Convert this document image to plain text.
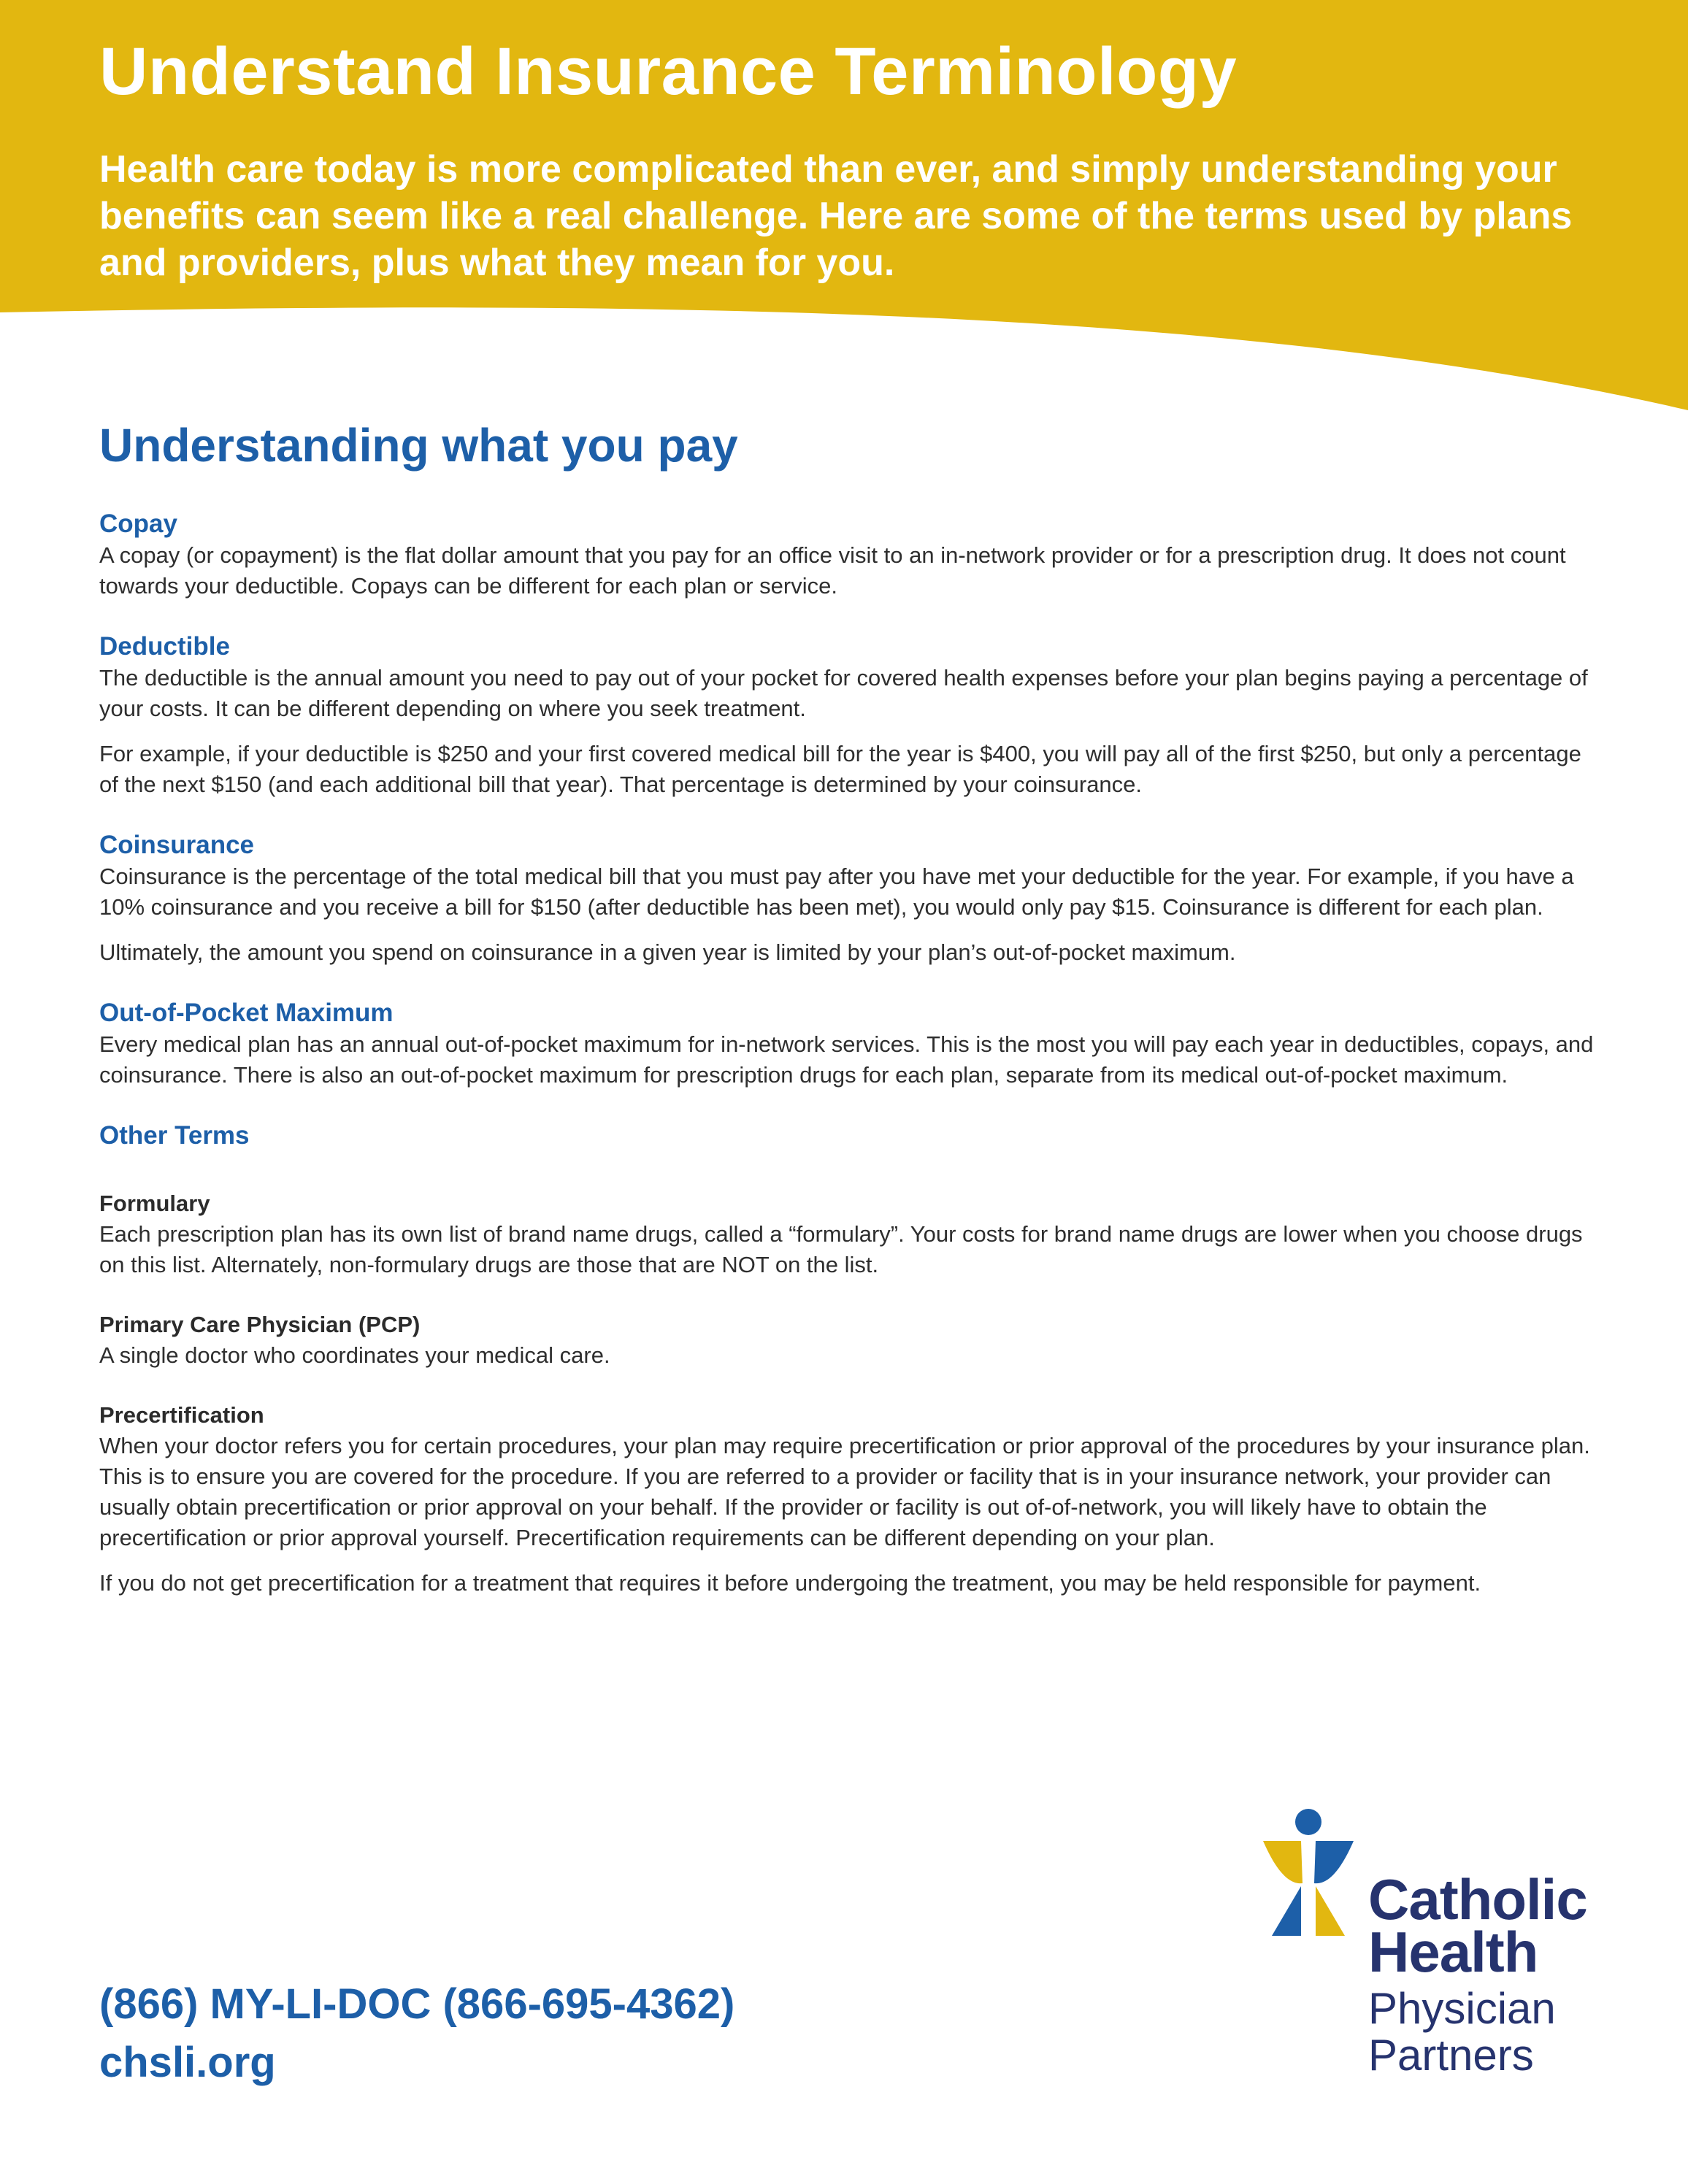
Understand Insurance Terminology

Health care today is more complicated than ever, and simply understanding your benefits can seem like a real challenge. Here are some of the terms used by plans and providers, plus what they mean for you.

Understanding what you pay
Copay

A copay (or copayment) is the flat dollar amount that you pay for an office visit to an in-network provider or for a prescription drug. It does not count towards your deductible. Copays can be different for each plan or service.

Deductible

The deductible is the annual amount you need to pay out of your pocket for covered health expenses before your plan begins paying a percentage of your costs. It can be different depending on where you seek treatment.

For example, if your deductible is $250 and your first covered medical bill for the year is $400, you will pay all of the first $250, but only a percentage of the next $150 (and each additional bill that year). That percentage is determined by your coinsurance.

Coinsurance

Coinsurance is the percentage of the total medical bill that you must pay after you have met your deductible for the year. For example, if you have a 10% coinsurance and you receive a bill for $150 (after deductible has been met), you would only pay $15. Coinsurance is different for each plan.

Ultimately, the amount you spend on coinsurance in a given year is limited by your plan’s out-of-pocket maximum.

Out-of-Pocket Maximum

Every medical plan has an annual out-of-pocket maximum for in-network services. This is the most you will pay each year in deductibles, copays, and coinsurance. There is also an out-of-pocket maximum for prescription drugs for each plan, separate from its medical out-of-pocket maximum.

Other Terms
Formulary

Each prescription plan has its own list of brand name drugs, called a “formulary”. Your costs for brand name drugs are lower when you choose drugs on this list. Alternately, non-formulary drugs are those that are NOT on the list.

Primary Care Physician (PCP)

A single doctor who coordinates your medical care.

Precertification

When your doctor refers you for certain procedures, your plan may require precertification or prior approval of the procedures by your insurance plan. This is to ensure you are covered for the procedure. If you are referred to a provider or facility that is in your insurance network, your provider can usually obtain precertification or prior approval on your behalf. If the provider or facility is out of-of-network, you will likely have to obtain the precertification or prior approval yourself. Precertification requirements can be different depending on your plan.

If you do not get precertification for a treatment that requires it before undergoing the treatment, you may be held responsible for payment.

(866) MY-LI-DOC (866-695-4362)

chsli.org

Catholic

Health

Physician

Partners
